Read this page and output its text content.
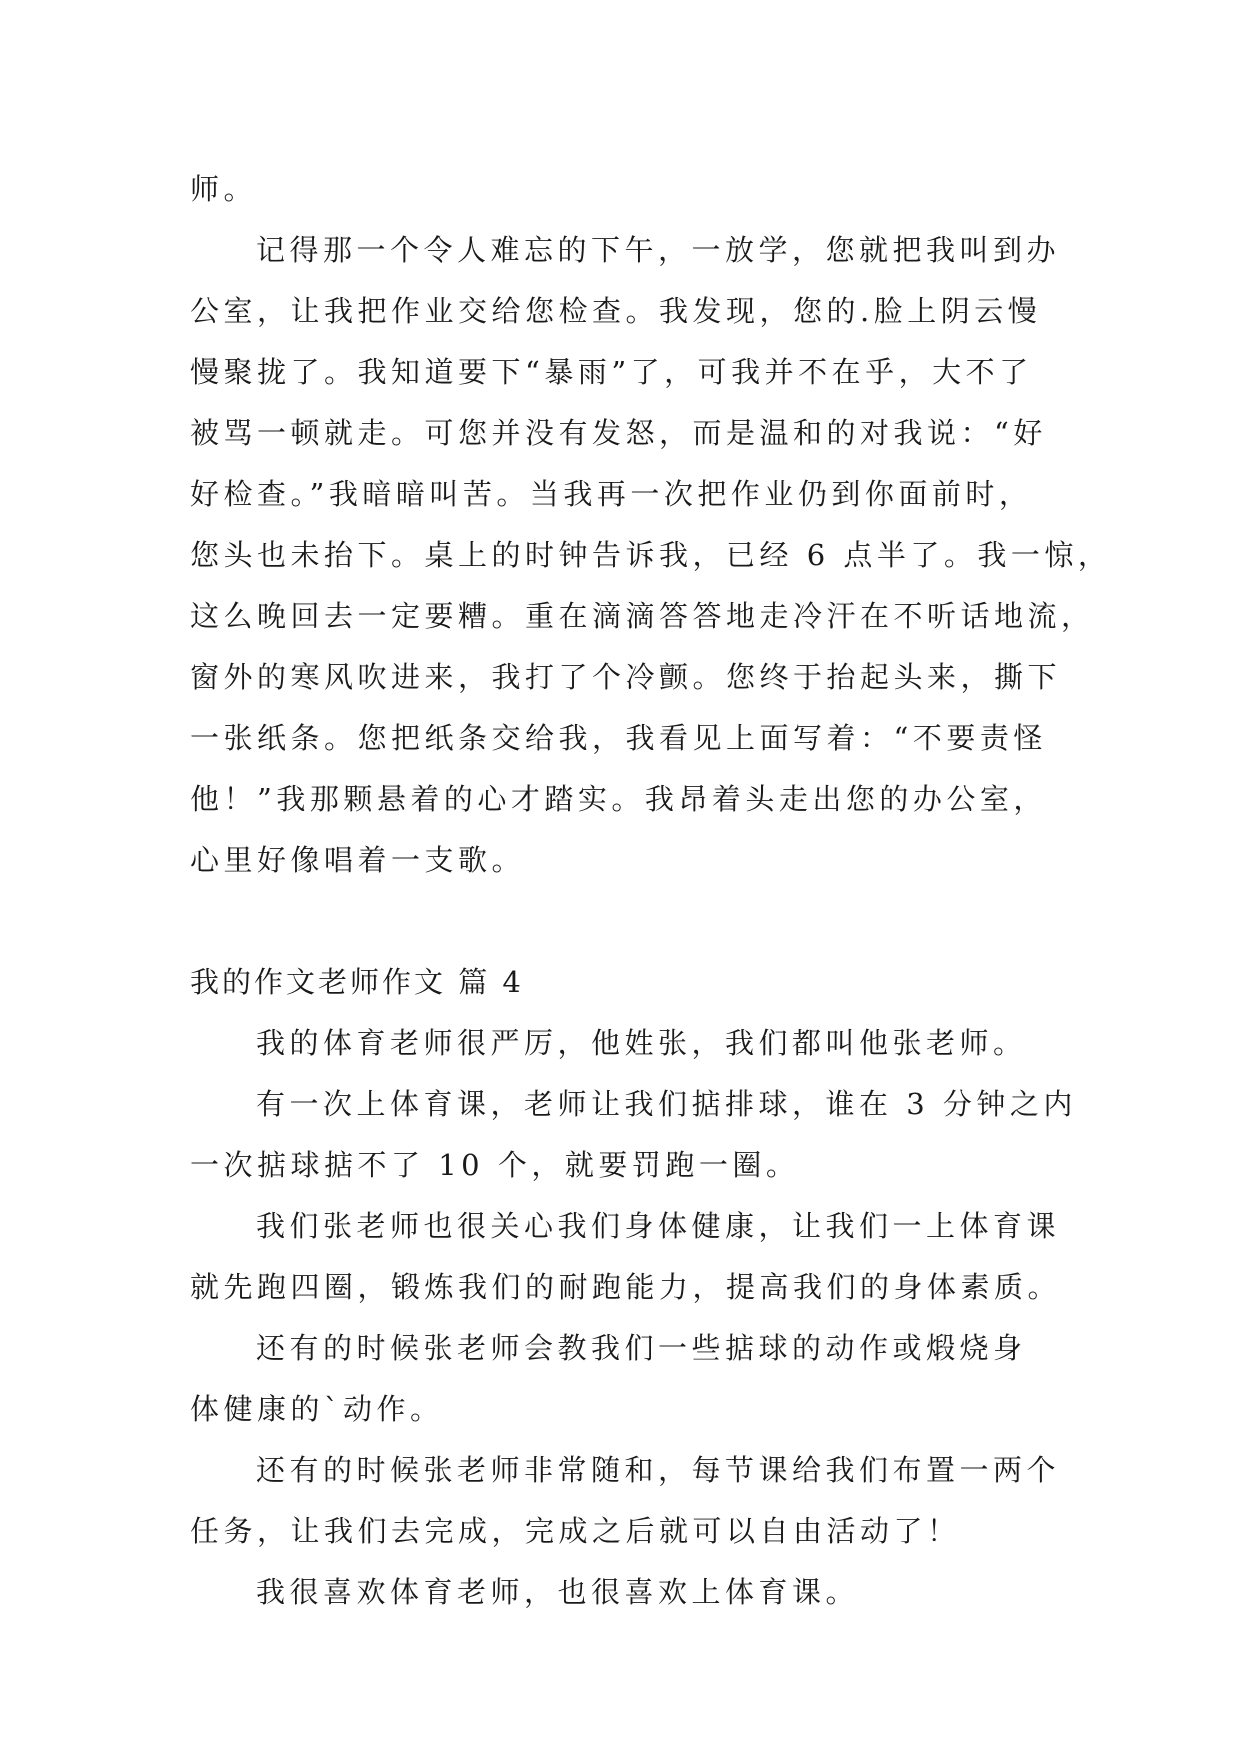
师。
记得那一个令人难忘的下午，一放学，您就把我叫到办
公室，让我把作业交给您检查。我发现，您的.脸上阴云慢
慢聚拢了。我知道要下“暴雨”了，可我并不在乎，大不了
被骂一顿就走。可您并没有发怒，而是温和的对我说：“好
好检查。”我暗暗叫苦。当我再一次把作业仍到你面前时，
您头也未抬下。桌上的时钟告诉我，已经 6 点半了。我一惊，
这么晚回去一定要糟。重在滴滴答答地走冷汗在不听话地流，
窗外的寒风吹进来，我打了个冷颤。您终于抬起头来，撕下
一张纸条。您把纸条交给我，我看见上面写着：“不要责怪
他！”我那颗悬着的心才踏实。我昂着头走出您的办公室，
心里好像唱着一支歌。
我的作文老师作文 篇 4
我的体育老师很严厉，他姓张，我们都叫他张老师。
有一次上体育课，老师让我们掂排球，谁在 3 分钟之内
一次掂球掂不了 10 个，就要罚跑一圈。
我们张老师也很关心我们身体健康，让我们一上体育课
就先跑四圈，锻炼我们的耐跑能力，提高我们的身体素质。
还有的时候张老师会教我们一些掂球的动作或煅烧身
体健康的`动作。
还有的时候张老师非常随和，每节课给我们布置一两个
任务，让我们去完成，完成之后就可以自由活动了！
我很喜欢体育老师，也很喜欢上体育课。
